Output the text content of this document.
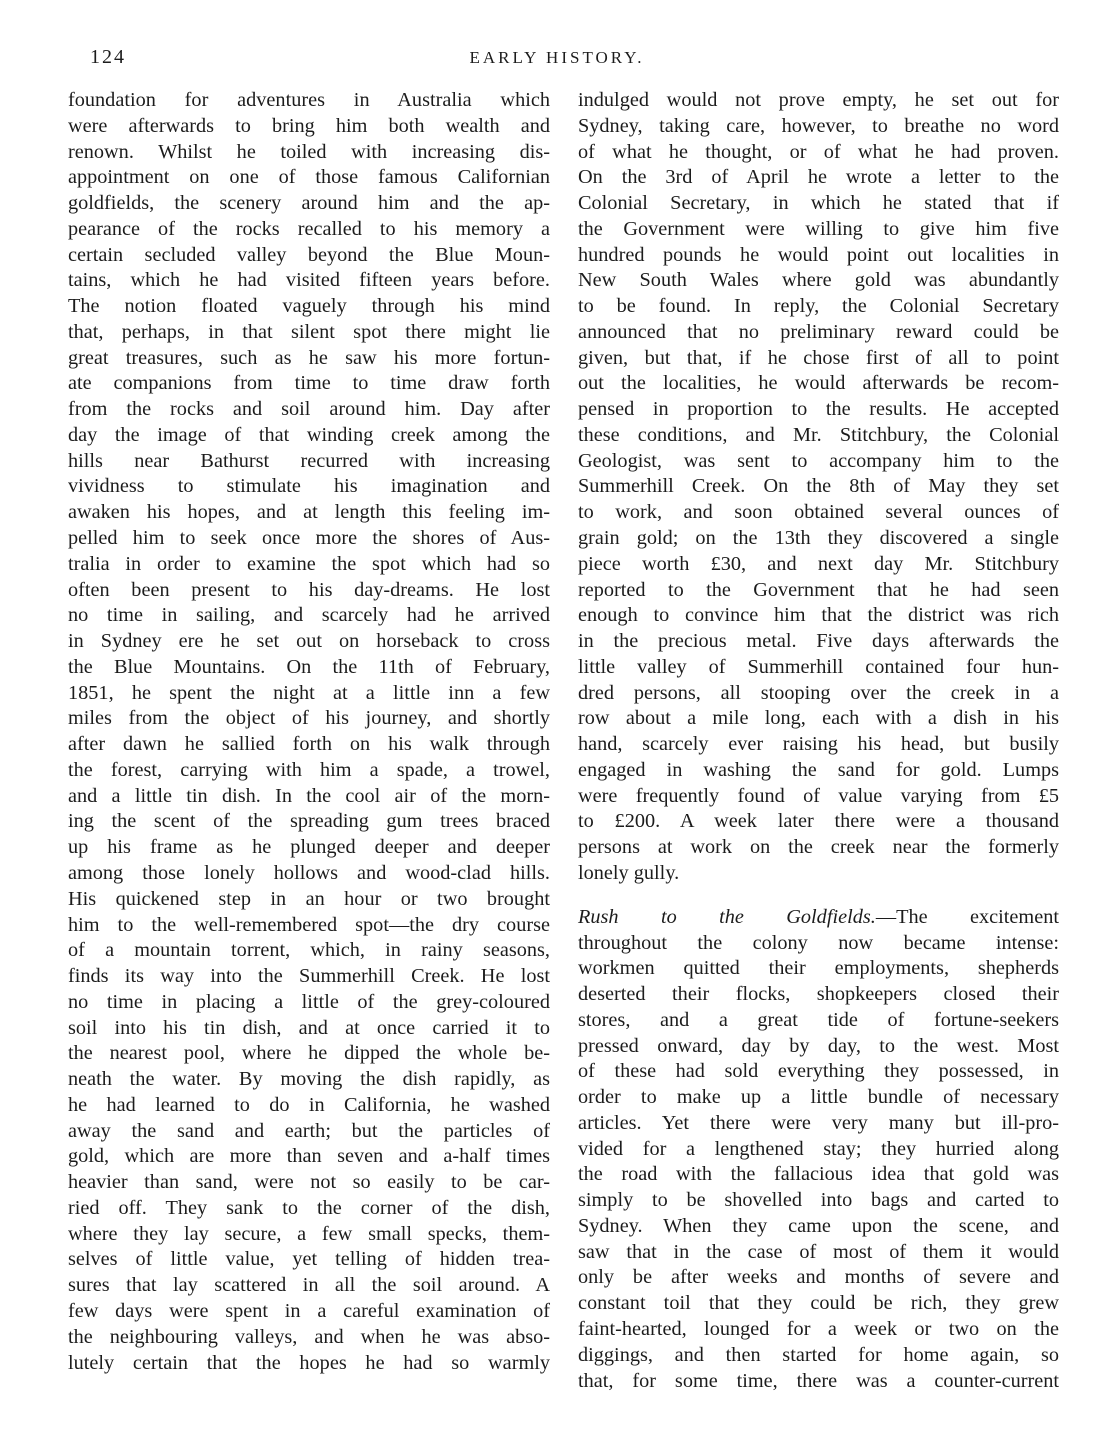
124	EARLY HISTORY.
foundation for adventures in Australia which
were afterwards to bring him both wealth and
renown. Whilst he toiled with increasing dis-
appointment on one of those famous Californian
goldfields, the scenery around him and the ap-
pearance of the rocks recalled to his memory a
certain secluded valley beyond the Blue Moun-
tains, which he had visited fifteen years before.
The notion floated vaguely through his mind
that, perhaps, in that silent spot there might lie
great treasures, such as he saw his more fortun-
ate companions from time to time draw forth
from the rocks and soil around him. Day after
day the image of that winding creek among the
hills near Bathurst recurred with increasing
vividness to stimulate his imagination and
awaken his hopes, and at length this feeling im-
pelled him to seek once more the shores of Aus-
tralia in order to examine the spot which had so
often been present to his day-dreams. He lost
no time in sailing, and scarcely had he arrived
in Sydney ere he set out on horseback to cross
the Blue Mountains. On the 11th of February,
1851, he spent the night at a little inn a few
miles from the object of his journey, and shortly
after dawn he sallied forth on his walk through
the forest, carrying with him a spade, a trowel,
and a little tin dish. In the cool air of the morn-
ing the scent of the spreading gum trees braced
up his frame as he plunged deeper and deeper
among those lonely hollows and wood-clad hills.
His quickened step in an hour or two brought
him to the well-remembered spot—the dry course
of a mountain torrent, which, in rainy seasons,
finds its way into the Summerhill Creek. He lost
no time in placing a little of the grey-coloured
soil into his tin dish, and at once carried it to
the nearest pool, where he dipped the whole be-
neath the water. By moving the dish rapidly, as
he had learned to do in California, he washed
away the sand and earth; but the particles of
gold, which are more than seven and a-half times
heavier than sand, were not so easily to be car-
ried off. They sank to the corner of the dish,
where they lay secure, a few small specks, them-
selves of little value, yet telling of hidden trea-
sures that lay scattered in all the soil around. A
few days were spent in a careful examination of
the neighbouring valleys, and when he was abso-
lutely certain that the hopes he had so warmly
indulged would not prove empty, he set out for
Sydney, taking care, however, to breathe no word
of what he thought, or of what he had proven.
On the 3rd of April he wrote a letter to the
Colonial Secretary, in which he stated that if
the Government were willing to give him five
hundred pounds he would point out localities in
New South Wales where gold was abundantly
to be found. In reply, the Colonial Secretary
announced that no preliminary reward could be
given, but that, if he chose first of all to point
out the localities, he would afterwards be recom-
pensed in proportion to the results. He accepted
these conditions, and Mr. Stitchbury, the Colonial
Geologist, was sent to accompany him to the
Summerhill Creek. On the 8th of May they set
to work, and soon obtained several ounces of
grain gold; on the 13th they discovered a single
piece worth £30, and next day Mr. Stitchbury
reported to the Government that he had seen
enough to convince him that the district was rich
in the precious metal. Five days afterwards the
little valley of Summerhill contained four hun-
dred persons, all stooping over the creek in a
row about a mile long, each with a dish in his
hand, scarcely ever raising his head, but busily
engaged in washing the sand for gold. Lumps
were frequently found of value varying from £5
to £200. A week later there were a thousand
persons at work on the creek near the formerly
lonely gully.
Rush to the Goldfields.—The excitement
throughout the colony now became intense:
workmen quitted their employments, shepherds
deserted their flocks, shopkeepers closed their
stores, and a great tide of fortune-seekers
pressed onward, day by day, to the west. Most
of these had sold everything they possessed, in
order to make up a little bundle of necessary
articles. Yet there were very many but ill-pro-
vided for a lengthened stay; they hurried along
the road with the fallacious idea that gold was
simply to be shovelled into bags and carted to
Sydney. When they came upon the scene, and
saw that in the case of most of them it would
only be after weeks and months of severe and
constant toil that they could be rich, they grew
faint-hearted, lounged for a week or two on the
diggings, and then started for home again, so
that, for some time, there was a counter-current
